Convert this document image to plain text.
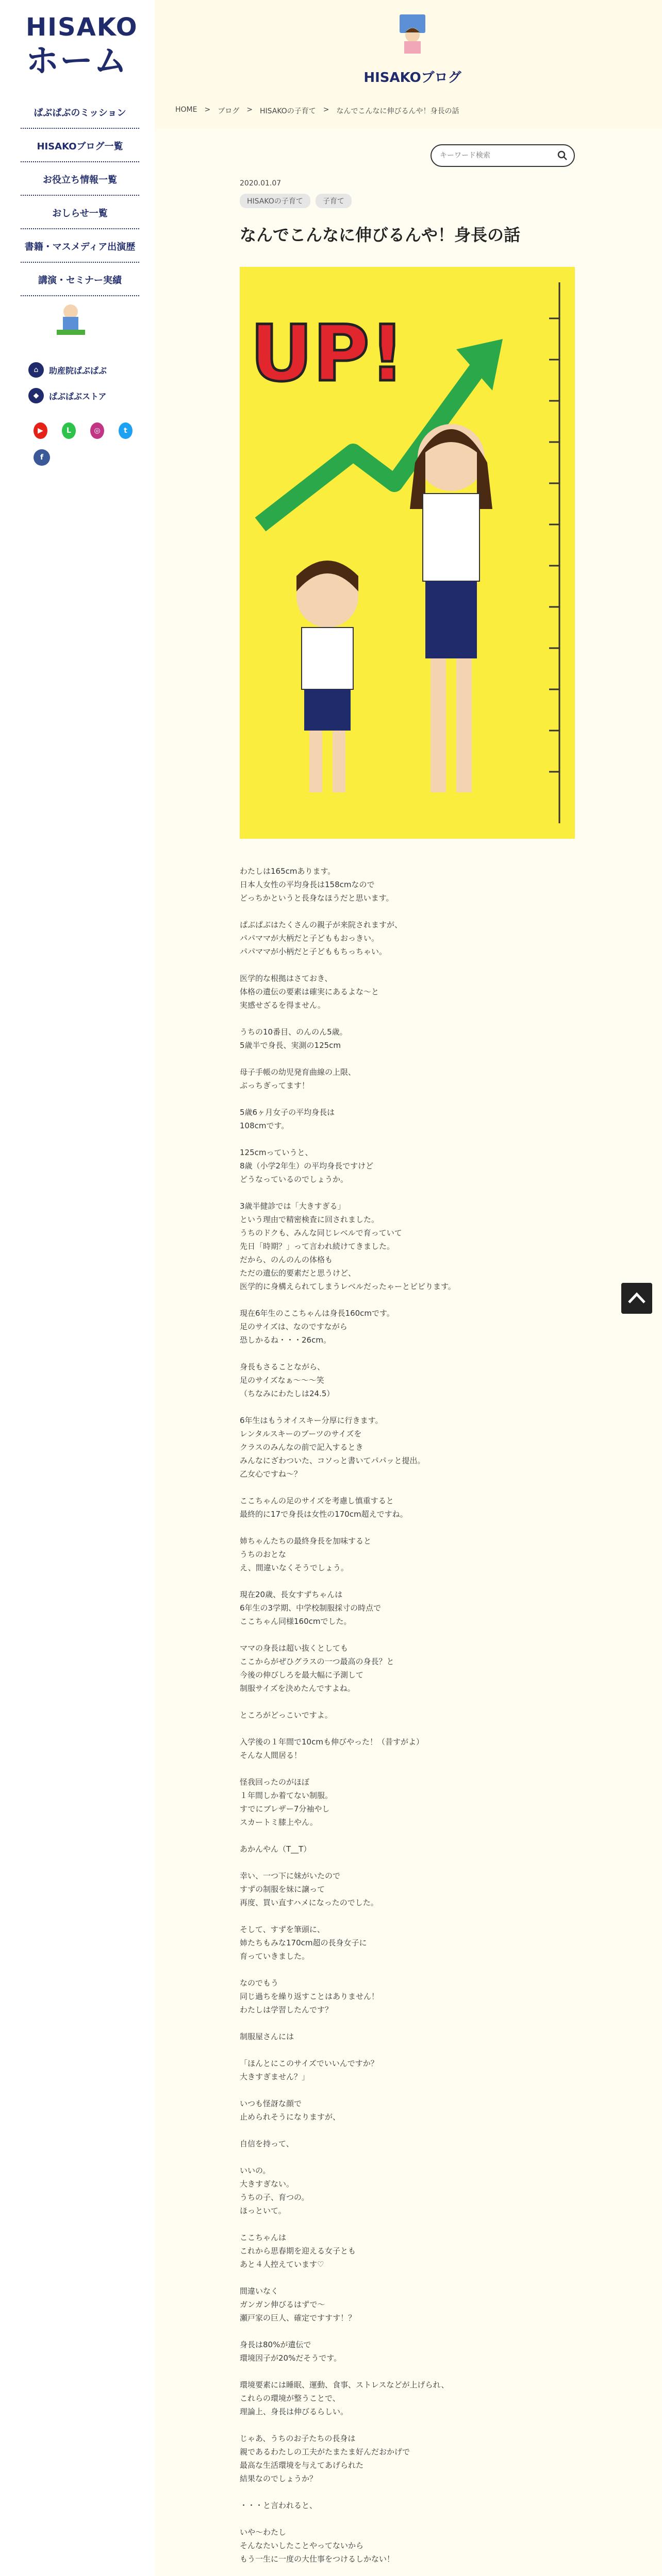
HISAKO
ホーム
ぱぶぱぶのミッション
HISAKOブログ一覧
お役立ち情報一覧
おしらせ一覧
書籍・マスメディア出演歴
講演・セミナー実績
⌂	助産院ぱぶぱぶ
◆	ぱぶぱぶストア
▶	L	◎	t
f
HISAKOブログ
HOME > ブログ > HISAKOの子育て > なんでこんなに伸びるんや！身長の話
キーワード検索
2020.01.07
HISAKOの子育て	子育て
なんでこんなに伸びるんや！身長の話
UP!

わたしは165cmあります。
日本人女性の平均身長は158cmなので
どっちかというと長身なほうだと思います。

ぱぶぱぶはたくさんの親子が来院されますが、
パパママが大柄だと子どももおっきい。
パパママが小柄だと子どももちっちゃい。

医学的な根拠はさておき、
体格の遺伝の要素は確実にあるよな〜と
実感せざるを得ません。

うちの10番目、のんのん5歳。
5歳半で身長、実測の125cm

母子手帳の幼児発育曲線の上限、
ぶっちぎってます！

5歳6ヶ月女子の平均身長は
108cmです。

125cmっていうと、
8歳（小学2年生）の平均身長ですけど
どうなっているのでしょうか。

3歳半健診では「大きすぎる」
という理由で精密検査に回されました。
うちのドクも、みんな同じレベルで育っていて
先日「時期？」って言われ続けてきました。
だから、のんのんの体格も
ただの遺伝的要素だと思うけど、
医学的に身構えられてしまうレベルだったゃーとビビります。

現在6年生のここちゃんは身長160cmです。
足のサイズは、なのですながら
恐しかるね・・・26cm。

身長もさることながら、
足のサイズなぁ〜〜〜笑
（ちなみにわたしは24.5）

6年生はもうオイスキー分厚に行きます。
レンタルスキーのブーツのサイズを
クラスのみんなの前で記入するとき
みんなにざわついた、コソっと書いてパパッと提出。
乙女心ですね〜？

ここちゃんの足のサイズを考慮し慎重すると
最終的に17で身長は女性の170cm超えですね。

姉ちゃんたちの最終身長を加味すると
うちのおとな
え、間違いなくそうでしょう。

現在20歳、長女すずちゃんは
6年生の3学期、中学校制服採寸の時点で
ここちゃん同様160cmでした。

ママの身長は超い抜くとしても
ここからがぜひグラスの一つ最高の身長？と
今後の伸びしろを最大幅に予測して
制服サイズを決めたんですよね。

ところがどっこいですよ。

入学後の１年間で10cmも伸びやった！（昔すがよ）
そんな人間居る！

怪我回ったのがほぼ
１年間しか着てない制服。
すでにブレザー7分袖やし
スカートミ膝上やん。

あかんやん（T__T）

幸い、一つ下に妹がいたので
すずの制服を妹に譲って
再度、買い直すハメになったのでした。

そして、すずを筆頭に、
姉たちもみな170cm超の長身女子に
育っていきました。

なのでもう
同じ過ちを繰り返すことはありません！
わたしは学習したんです？

制服屋さんには

「ほんとにこのサイズでいいんですか？
大きすぎません？」

いつも怪訝な顔で
止められそうになりますが、

自信を持って、

いいの。
大きすぎない。
うちの子、育つの。
ほっといて。

ここちゃんは
これから思春期を迎える女子とも
あと４人控えています♡

間違いなく
ガンガン伸びるはずで〜
瀬戸家の巨人、確定ですすす！？

身長は80%が遺伝で
環境因子が20%だそうです。

環境要素には睡眠、運動、食事、ストレスなどが上げられ、
これらの環境が整うことで、
理論上、身長は伸びるらしい。

じゃあ、うちのお子たちの長身は
親であるわたしの工夫がたまたま好んだおかげで
最高な生活環境を与えてあげられた
結果なのでしょうか？

・・・と言われると、

いや〜わたし
そんなたいしたことやってないから
もう一生に一度の大仕事をつけるしかない！
